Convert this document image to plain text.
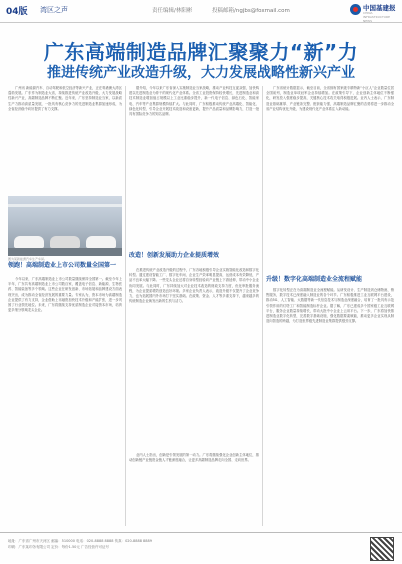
04版 湾区之声	责任编辑/林阳彬	投稿邮箱/ngjbs@foxmail.com	中国基建报
CHINA INFRASTRUCTURE NEWS
广东高端制造品牌汇聚聚力“新”力
推进传统产业改造升级，大力发展战略性新兴产业

广州讯 新能源汽车、自动驾驶和低空经济等新兴产业，正在粤港澳大湾区蓬勃发展。广东作为制造业大省，持续推进传统产业改造升级，大力发展战略性新兴产业，高端制造品牌不断汇聚。近年来，广东坚持制造业当家，以新质生产力推动高质量发展，一批具有核心竞争力的先进制造业集群加速形成，为全省经济稳中向好提供了有力支撑。

据介绍，今年以来广东省深入实施制造业当家战略，推动产业科技互促双强，加快构建以先进制造业为骨干的现代化产业体系。全省工业投资保持较快增长，先进制造业和高技术制造业增加值占规模以上工业比重稳步提升，新一代电子信息、绿色石化、智能家电、汽车等产业集群规模持续扩大。与此同时，广东积极推动传统产业高端化、智能化、绿色化转型，引导企业开展技术改造和设备更新，提升产品质量和品牌影响力，打造一批具有国际竞争力的知名品牌。

广东省统计数据显示，截至目前，全省拥有国家级专精特新“小巨人”企业数量位居全国前列，制造业单项冠军企业持续增加。在政策引导下，企业创新主体地位不断强化，研发投入强度稳步提高，关键核心技术攻关取得积极进展。业内人士表示，广东制造业基础雄厚、产业链条完整、配套能力强，高端制造品牌汇聚的态势将进一步推动全省产业结构优化升级，为建设现代化产业体系注入新动能。

图为某新能源汽车生产车间。
领跑！高端制造业上市公司数量全国第一

今年以来，广东高端制造业上市公司数量继续保持全国第一。截至今年上半年，广东共有高端制造业上市公司数百家，覆盖电子信息、新能源、生物医药、智能装备等多个领域。这些企业在研发创新、市场拓展和品牌建设方面表现突出，成为推动全省经济发展的重要力量。专家认为，资本市场为高端制造企业提供了有力支持，企业借助上市融资加快技术升级和产能扩张，进一步巩固了行业领先地位。未来，广东将继续支持优质制造企业对接资本市场，培育更多细分领域龙头企业。

改造！创新发展助力企业提质增效

在推进传统产业改造升级的过程中，广东各地积极引导企业实施智能化改造和数字化转型。通过建设智能工厂、数字化车间，企业生产效率明显提高，运营成本有效降低，产品不良率大幅下降。一些龙头企业还将自身转型经验向产业链上下游延伸，带动中小企业协同发展。与此同时，广东持续加大对企业技术改造的财政支持力度，优化审批服务流程，为企业提质增效创造良好环境。多家企业负责人表示，改造升级不仅提升了企业竞争力，也为拓展国内外市场打下坚实基础。在政策、资金、人才等多重支持下，越来越多的传统制造企业焕发出新的生机与活力。

业内人士指出，创新是引领发展的第一动力。广东将继续强化企业创新主体地位，推动创新链产业链资金链人才链深度融合，让更多高端制造品牌走向全国、走向世界。

升级！数字化高端制造业全流程赋能

数字化转型正在为高端制造业全流程赋能。从研发设计、生产制造到仓储物流、销售服务，数字技术已深度融入制造业的各个环节。广东积极推进工业互联网平台建设，推动5G、人工智能、大数据等新一代信息技术与制造业深度融合，培育了一批具有示范引领作用的灯塔工厂和智能制造标杆企业。据了解，广东已建成多个国家级工业互联网平台，服务企业数量持续增长，带动大批中小企业上云用平台。下一步，广东将加快推进制造业数字化转型，完善数字基础设施，强化数据要素赋能，推动更多企业实现从制造向智造的跨越，为打造世界级先进制造业集群提供强劲支撑。

地址：广东省广州市天河区 邮编：510000 电话：020-8888 8888 传真：020-8888 8889
印刷：广东某印务有限公司 定价：每份1.50元 广告经营许可证号
